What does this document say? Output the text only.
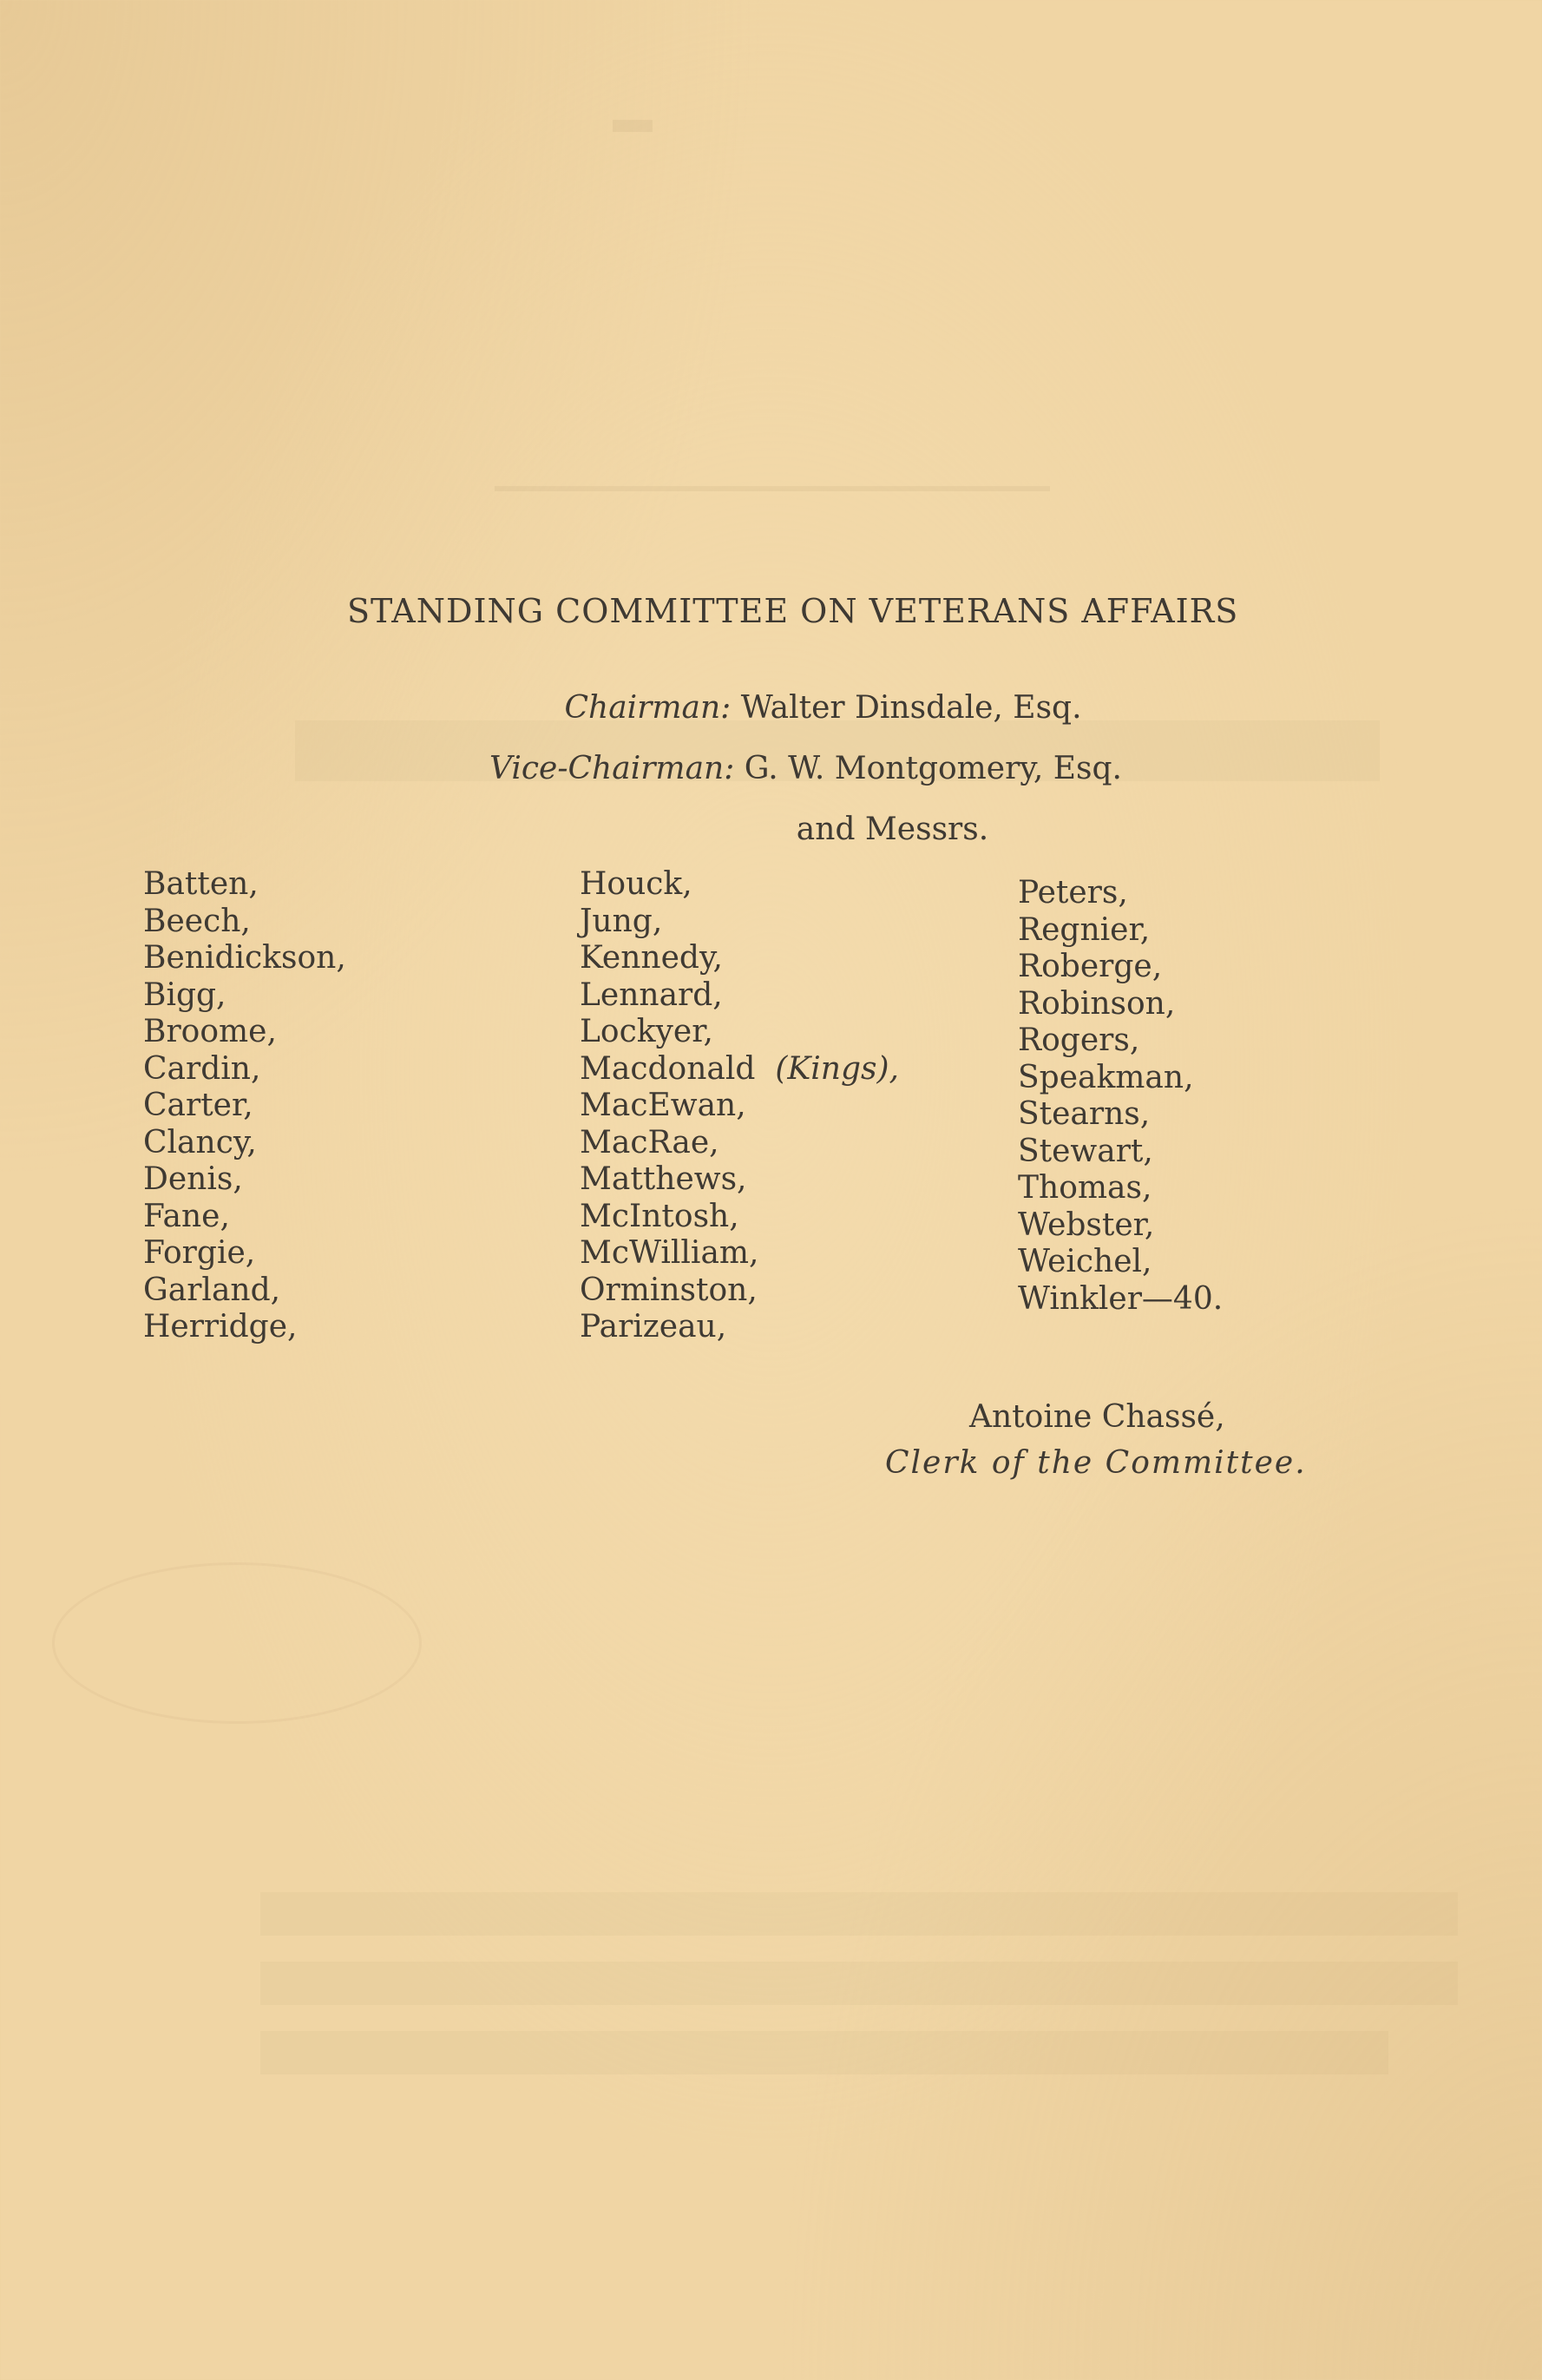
▬
STANDING COMMITTEE ON VETERANS AFFAIRS
Chairman: Walter Dinsdale, Esq.
Vice-Chairman: G. W. Montgomery, Esq.
and Messrs.
Batten,
Beech,
Benidickson,
Bigg,
Broome,
Cardin,
Carter,
Clancy,
Denis,
Fane,
Forgie,
Garland,
Herridge,
Houck,
Jung,
Kennedy,
Lennard,
Lockyer,
Macdonald (Kings),
MacEwan,
MacRae,
Matthews,
McIntosh,
McWilliam,
Orminston,
Parizeau,
Peters,
Regnier,
Roberge,
Robinson,
Rogers,
Speakman,
Stearns,
Stewart,
Thomas,
Webster,
Weichel,
Winkler—40.
Antoine Chassé,
Clerk of the Committee.
